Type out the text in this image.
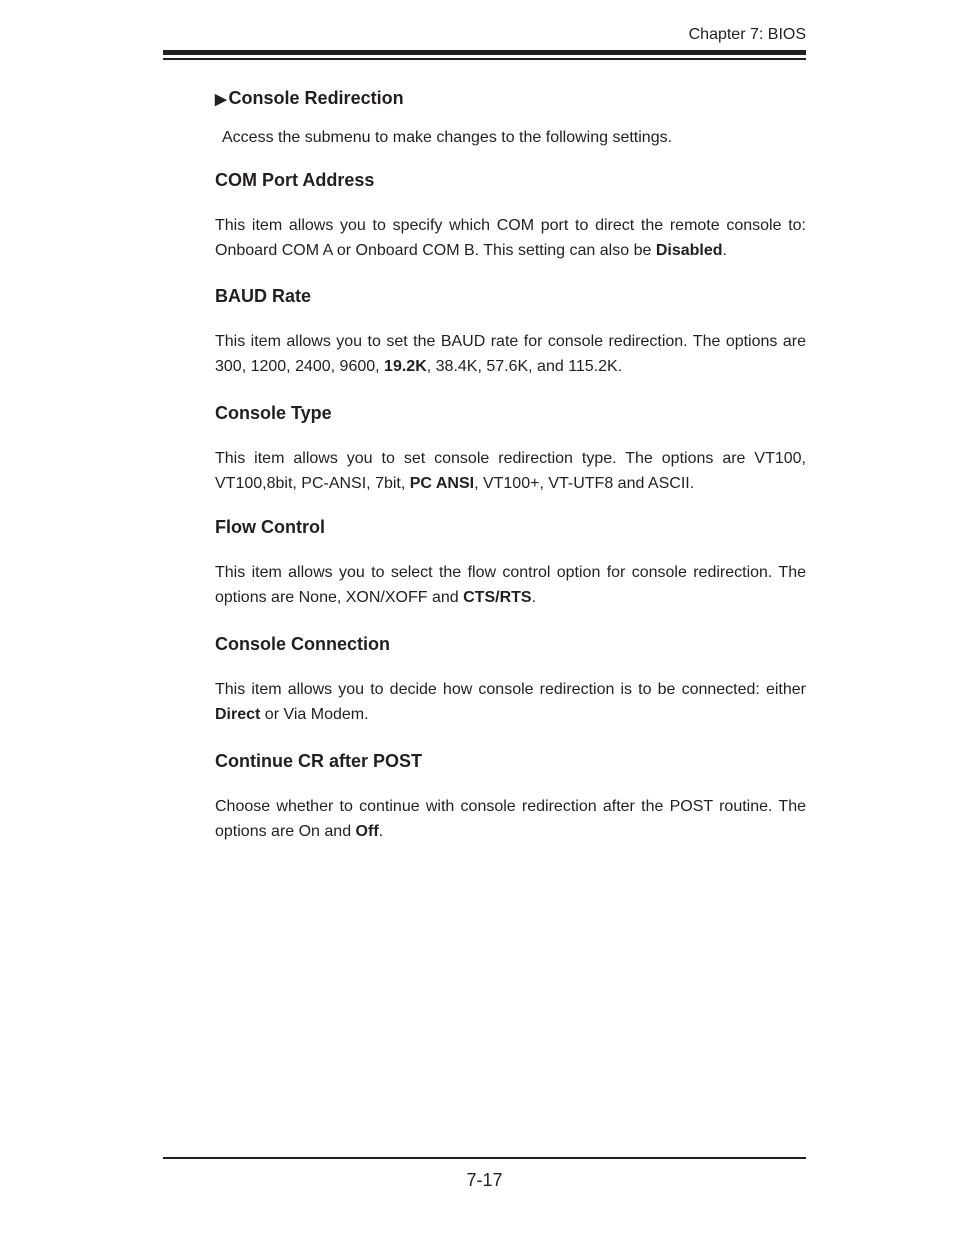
Chapter 7: BIOS
▶ Console Redirection

Access the submenu to make changes to the following settings.

COM Port Address

This item allows you to specify which COM port to direct the remote console to: Onboard COM A or Onboard COM B. This setting can also be Disabled.

BAUD Rate

This item allows you to set the BAUD rate for console redirection. The options are 300, 1200, 2400, 9600, 19.2K, 38.4K, 57.6K, and 115.2K.

Console Type

This item allows you to set console redirection type. The options are VT100, VT100,8bit, PC-ANSI, 7bit, PC ANSI, VT100+, VT-UTF8 and ASCII.

Flow Control

This item allows you to select the flow control option for console redirection. The options are None, XON/XOFF and CTS/RTS.

Console Connection

This item allows you to decide how console redirection is to be connected: either Direct or Via Modem.

Continue CR after POST

Choose whether to continue with console redirection after the POST routine. The options are On and Off.

7-17
